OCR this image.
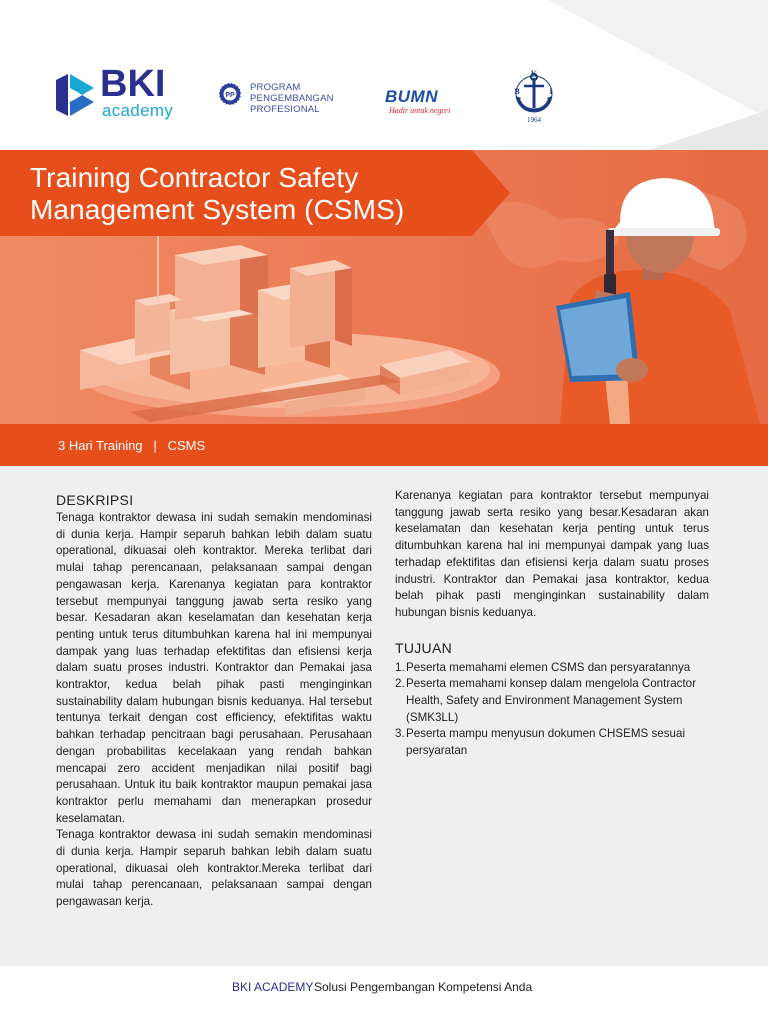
BKI
academy
PP
PROGRAM
PENGEMBANGAN
PROFESIONAL
BUMN
Hadir untuk negeri
K
B	I
1964
Training Contractor Safety
Management System (CSMS)
3 Hari Training   |   CSMS
DESKRIPSI

Tenaga kontraktor dewasa ini sudah semakin mendominasi di dunia kerja. Hampir separuh bahkan lebih dalam suatu operational, dikuasai oleh kontraktor. Mereka terlibat dari mulai tahap perencanaan, pelaksanaan sampai dengan pengawasan kerja. Karenanya kegiatan para kontraktor tersebut mempunyai tanggung jawab serta resiko yang besar. Kesadaran akan keselamatan dan kesehatan kerja penting untuk terus ditumbuhkan karena hal ini mempunyai dampak yang luas terhadap efektifitas dan efisiensi kerja dalam suatu proses industri. Kontraktor dan Pemakai jasa kontraktor, kedua belah pihak pasti menginginkan sustainability dalam hubungan bisnis keduanya. Hal tersebut tentunya terkait dengan cost efficiency, efektifitas waktu bahkan terhadap pencitraan bagi perusahaan. Perusahaan dengan probabilitas kecelakaan yang rendah bahkan mencapai zero accident menjadikan nilai positif bagi perusahaan. Untuk itu baik kontraktor maupun pemakai jasa kontraktor perlu memahami dan menerapkan prosedur keselamatan.

Tenaga kontraktor dewasa ini sudah semakin mendominasi di dunia kerja. Hampir separuh bahkan lebih dalam suatu operational, dikuasai oleh kontraktor.Mereka terlibat dari mulai tahap perencanaan, pelaksanaan sampai dengan pengawasan kerja.

Karenanya kegiatan para kontraktor tersebut mempunyai tanggung jawab serta resiko yang besar.Kesadaran akan keselamatan dan kesehatan kerja penting untuk terus ditumbuhkan karena hal ini mempunyai dampak yang luas terhadap efektifitas dan efisiensi kerja dalam suatu proses industri. Kontraktor dan Pemakai jasa kontraktor, kedua belah pihak pasti menginginkan sustainability dalam hubungan bisnis keduanya.

TUJUAN
1. Peserta memahami elemen CSMS dan persyaratannya
2. Peserta memahami konsep dalam mengelola Contractor Health, Safety and Environment Management System (SMK3LL)
3. Peserta mampu menyusun dokumen CHSEMS sesuai persyaratan
BKI ACADEMY Solusi Pengembangan Kompetensi Anda
